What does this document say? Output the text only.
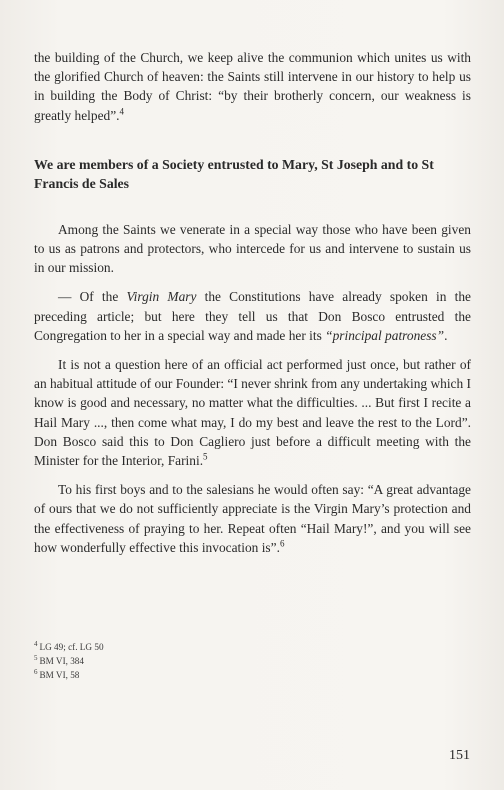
the building of the Church, we keep alive the communion which unites us with the glorified Church of heaven: the Saints still intervene in our history to help us in building the Body of Christ: “by their brotherly concern, our weakness is greatly helped”.$^4$

We are members of a Society entrusted to Mary, St Joseph and to St Francis de Sales

Among the Saints we venerate in a special way those who have been given to us as patrons and protectors, who intercede for us and intervene to sustain us in our mission.

— Of the Virgin Mary the Constitutions have already spoken in the preceding article; but here they tell us that Don Bosco entrusted the Congregation to her in a special way and made her its “principal patroness”.

It is not a question here of an official act performed just once, but rather of an habitual attitude of our Founder: “I never shrink from any undertaking which I know is good and necessary, no matter what the difficulties. ... But first I recite a Hail Mary ..., then come what may, I do my best and leave the rest to the Lord”. Don Bosco said this to Don Cagliero just before a difficult meeting with the Minister for the Interior, Farini.$^5$

To his first boys and to the salesians he would often say: “A great advantage of ours that we do not sufficiently appreciate is the Virgin Mary’s protection and the effectiveness of praying to her. Repeat often “Hail Mary!”, and you will see how wonderfully effective this invocation is”.$^6$

$^4$ LG 49; cf. LG 50
$^5$ BM VI, 384
$^6$ BM VI, 58
151
